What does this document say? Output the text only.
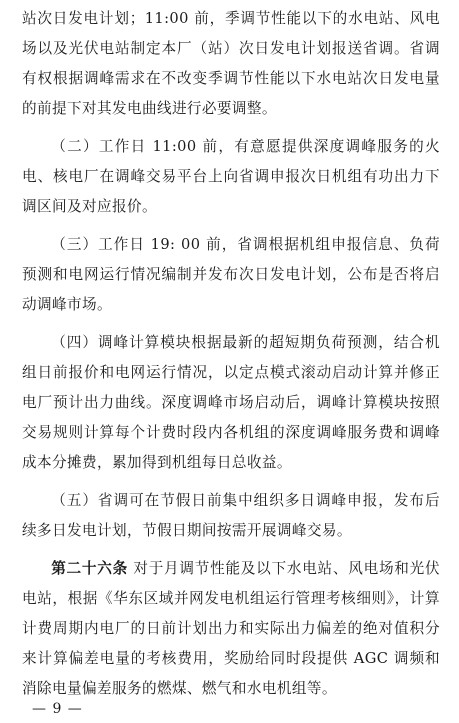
站次日发电计划；11:00 前，季调节性能以下的水电站、风电场以及光伏电站制定本厂（站）次日发电计划报送省调。省调有权根据调峰需求在不改变季调节性能以下水电站次日发电量的前提下对其发电曲线进行必要调整。

（二）工作日 11:00 前，有意愿提供深度调峰服务的火电、核电厂在调峰交易平台上向省调申报次日机组有功出力下调区间及对应报价。

（三）工作日 19: 00 前，省调根据机组申报信息、负荷预测和电网运行情况编制并发布次日发电计划，公布是否将启动调峰市场。

（四）调峰计算模块根据最新的超短期负荷预测，结合机组日前报价和电网运行情况，以定点模式滚动启动计算并修正电厂预计出力曲线。深度调峰市场启动后，调峰计算模块按照交易规则计算每个计费时段内各机组的深度调峰服务费和调峰成本分摊费，累加得到机组每日总收益。

（五）省调可在节假日前集中组织多日调峰申报，发布后续多日发电计划，节假日期间按需开展调峰交易。

第二十六条 对于月调节性能及以下水电站、风电场和光伏电站，根据《华东区域并网发电机组运行管理考核细则》，计算计费周期内电厂的日前计划出力和实际出力偏差的绝对值积分来计算偏差电量的考核费用，奖励给同时段提供 AGC 调频和消除电量偏差服务的燃煤、燃气和水电机组等。

— 9 —
